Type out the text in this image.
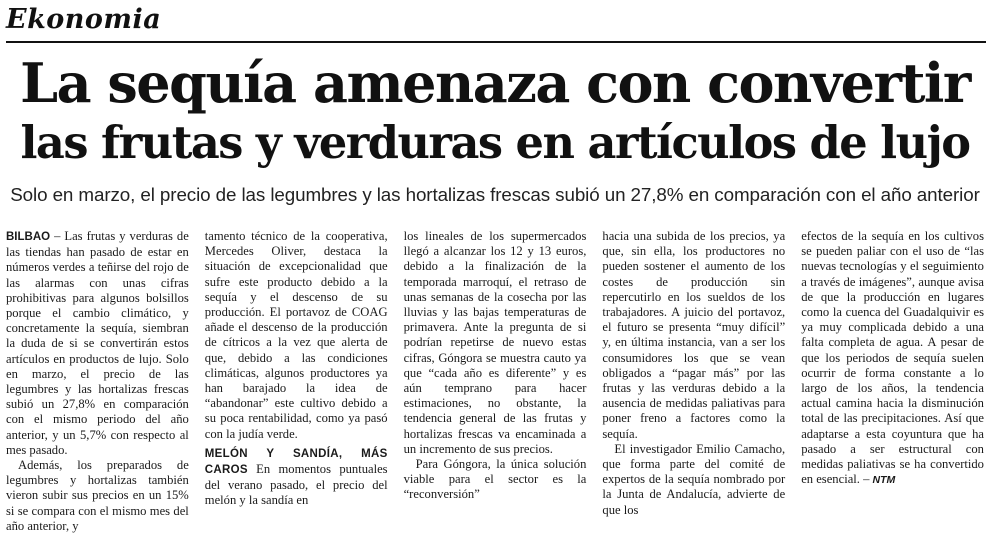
Ekonomia
La sequía amenaza con convertir
las frutas y verduras en artículos de lujo
Solo en marzo, el precio de las legumbres y las hortalizas frescas subió un 27,8% en comparación con el año anterior

BILBAO – Las frutas y verduras de las tiendas han pasado de estar en números verdes a teñirse del rojo de las alarmas con unas cifras prohibitivas para algunos bolsillos porque el cambio climático, y concretamente la sequía, siembran la duda de si se convertirán estos artículos en productos de lujo. Solo en marzo, el precio de las legumbres y las hortalizas frescas subió un 27,8% en comparación con el mismo periodo del año anterior, y un 5,7% con respecto al mes pasado.

Además, los preparados de legumbres y hortalizas también vieron subir sus precios en un 15% si se compara con el mismo mes del año anterior, y

tamento técnico de la cooperativa, Mercedes Oliver, destaca la situación de excepcionalidad que sufre este producto debido a la sequía y el descenso de su producción. El portavoz de COAG añade el descenso de la producción de cítricos a la vez que alerta de que, debido a las condiciones climáticas, algunos productores ya han barajado la idea de “abandonar” este cultivo debido a su poca rentabilidad, como ya pasó con la judía verde.

MELÓN Y SANDÍA, MÁS CAROS En momentos puntuales del verano pasado, el precio del melón y la sandía en

los lineales de los supermercados llegó a alcanzar los 12 y 13 euros, debido a la finalización de la temporada marroquí, el retraso de unas semanas de la cosecha por las lluvias y las bajas temperaturas de primavera. Ante la pregunta de si podrían repetirse de nuevo estas cifras, Góngora se muestra cauto ya que “cada año es diferente” y es aún temprano para hacer estimaciones, no obstante, la tendencia general de las frutas y hortalizas frescas va encaminada a un incremento de sus precios.

Para Góngora, la única solución viable para el sector es la “reconversión”

hacia una subida de los precios, ya que, sin ella, los productores no pueden sostener el aumento de los costes de producción sin repercutirlo en los sueldos de los trabajadores. A juicio del portavoz, el futuro se presenta “muy difícil” y, en última instancia, van a ser los consumidores los que se vean obligados a “pagar más” por las frutas y las verduras debido a la ausencia de medidas paliativas para poner freno a factores como la sequía.

El investigador Emilio Camacho, que forma parte del comité de expertos de la sequía nombrado por la Junta de Andalucía, advierte de que los

efectos de la sequía en los cultivos se pueden paliar con el uso de “las nuevas tecnologías y el seguimiento a través de imágenes”, aunque avisa de que la producción en lugares como la cuenca del Guadalquivir es ya muy complicada debido a una falta completa de agua. A pesar de que los periodos de sequía suelen ocurrir de forma constante a lo largo de los años, la tendencia actual camina hacia la disminución total de las precipitaciones. Así que adaptarse a esta coyuntura que ha pasado a ser estructural con medidas paliativas se ha convertido en esencial. – NTM
